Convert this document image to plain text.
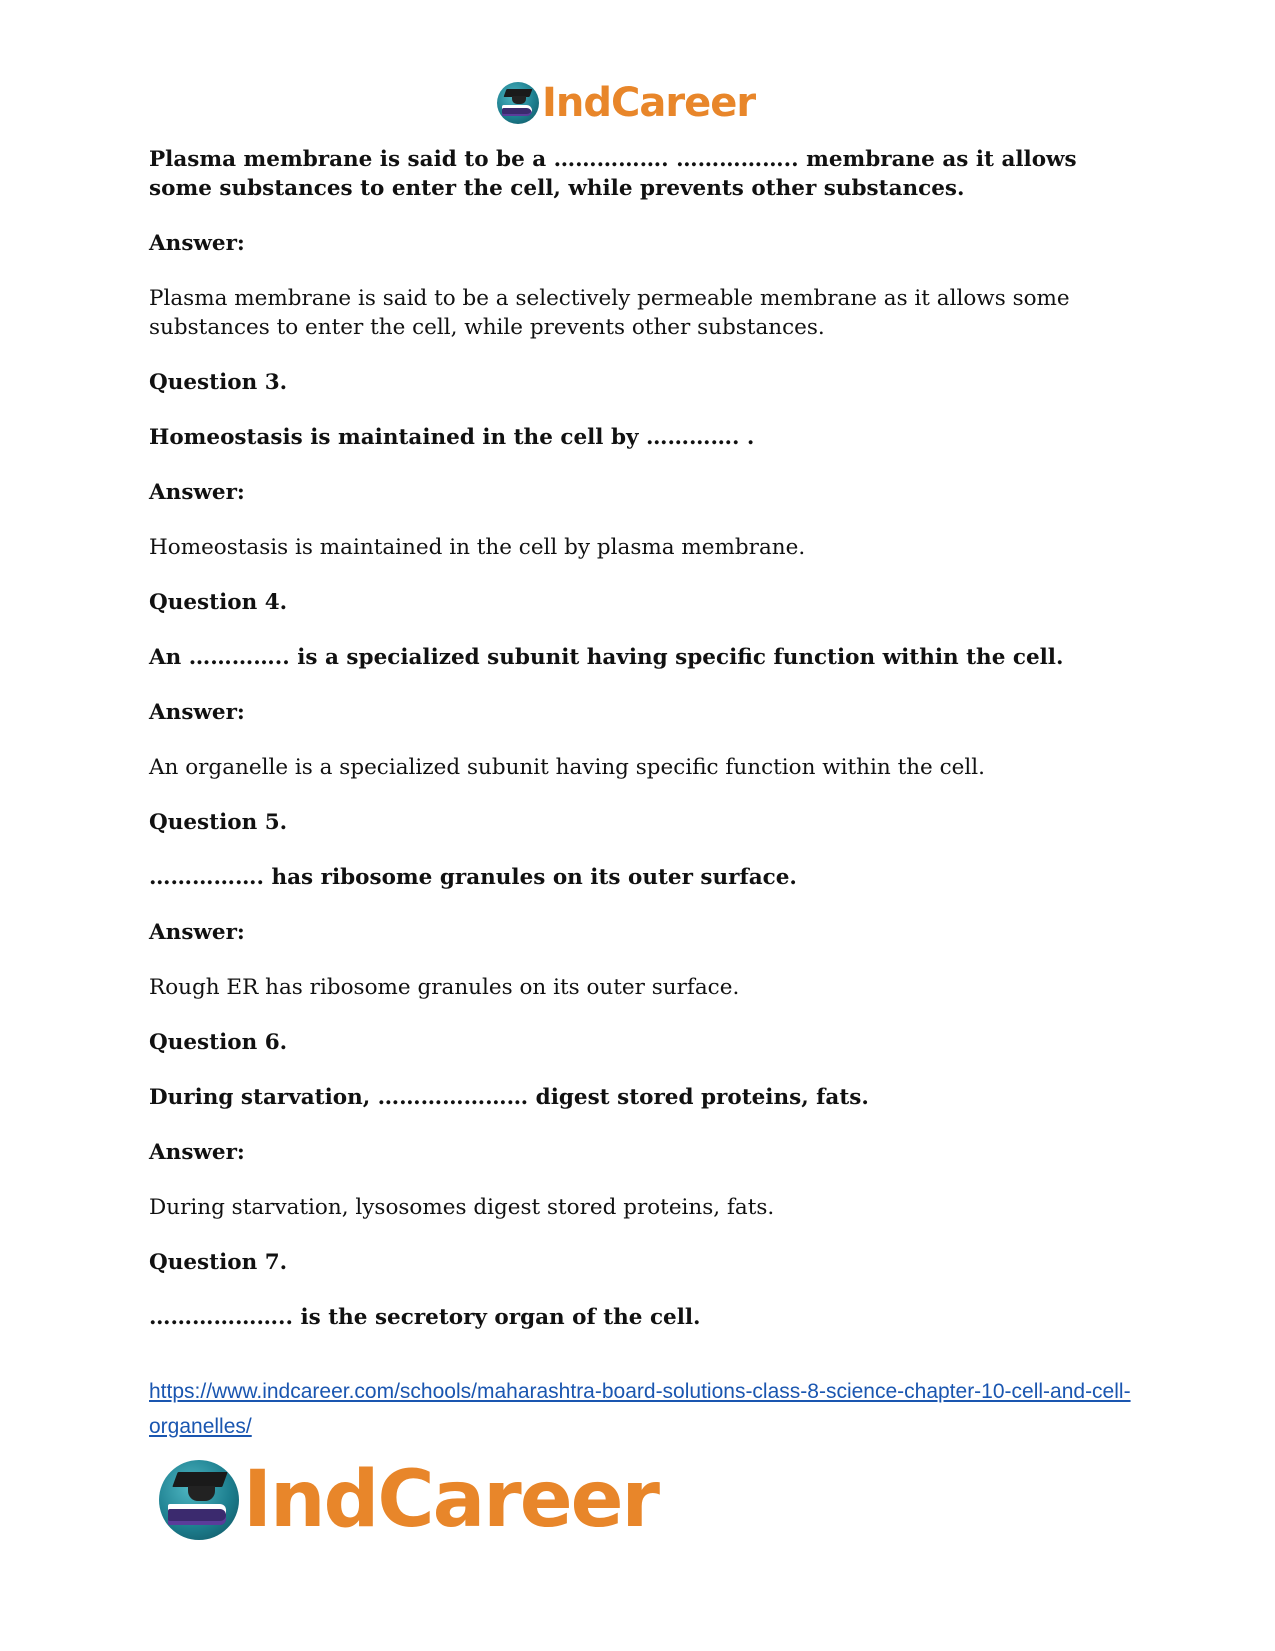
IndCareer

Plasma membrane is said to be a ……………. …………….. membrane as it allows some substances to enter the cell, while prevents other substances.

Answer:

Plasma membrane is said to be a selectively permeable membrane as it allows some substances to enter the cell, while prevents other substances.

Question 3.

Homeostasis is maintained in the cell by …………. .

Answer:

Homeostasis is maintained in the cell by plasma membrane.

Question 4.

An ………….. is a specialized subunit having specific function within the cell.

Answer:

An organelle is a specialized subunit having specific function within the cell.

Question 5.

……………. has ribosome granules on its outer surface.

Answer:

Rough ER has ribosome granules on its outer surface.

Question 6.

During starvation, ………………… digest stored proteins, fats.

Answer:

During starvation, lysosomes digest stored proteins, fats.

Question 7.

……………….. is the secretory organ of the cell.

https://www.indcareer.com/schools/maharashtra-board-solutions-class-8-science-chapter-10-cell-and-cell-organelles/
IndCareer
